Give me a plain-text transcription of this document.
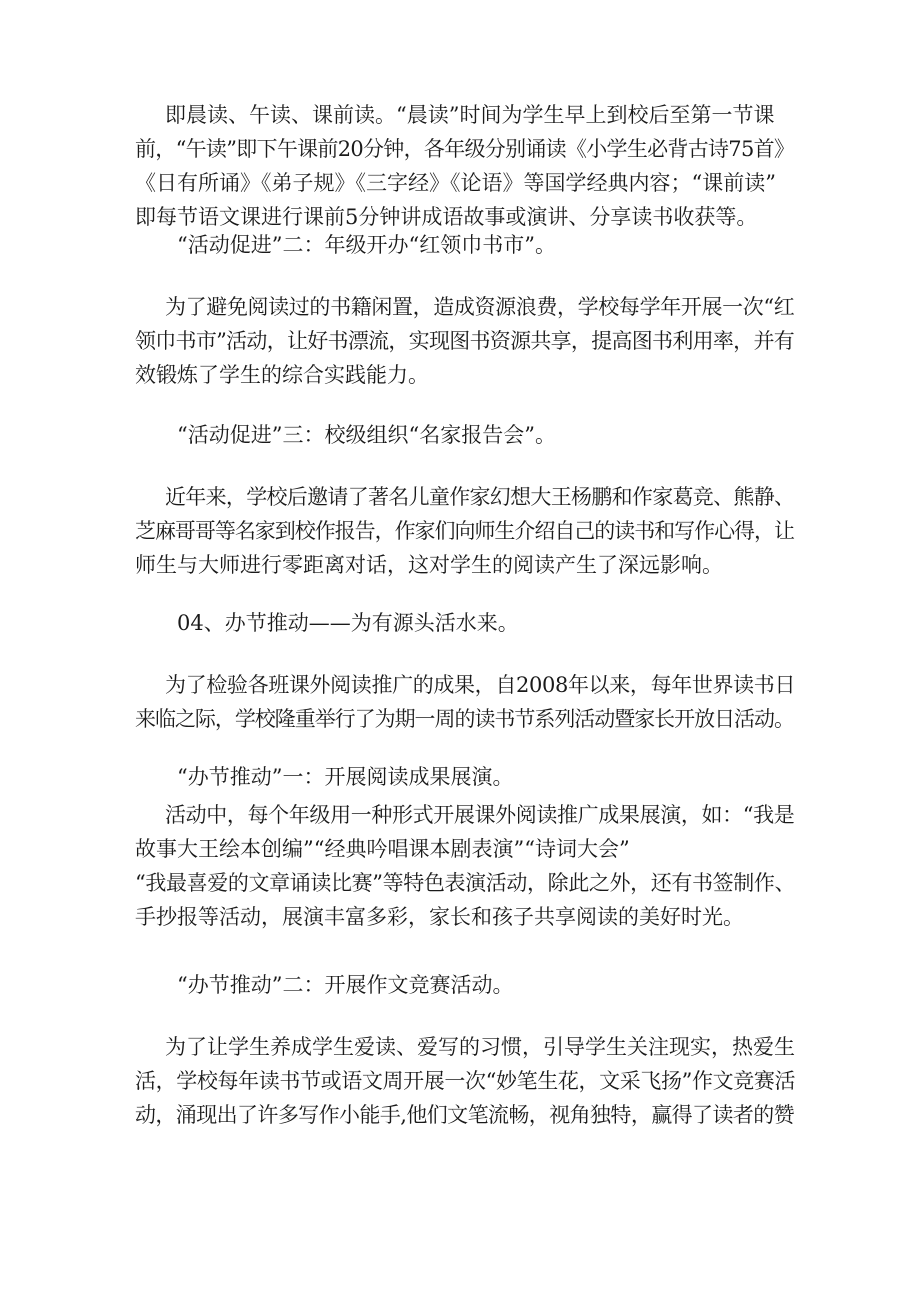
即晨读、午读、课前读。“晨读”时间为学生早上到校后至第一节课
前，“午读”即下午课前20分钟，各年级分别诵读《小学生必背古诗75首》
《日有所诵》《弟子规》《三字经》《论语》等国学经典内容；“课前读”
即每节语文课进行课前5分钟讲成语故事或演讲、分享读书收获等。
“活动促进”二：年级开办“红领巾书市”。
为了避免阅读过的书籍闲置，造成资源浪费，学校每学年开展一次“红
领巾书市”活动，让好书漂流，实现图书资源共享，提高图书利用率，并有
效锻炼了学生的综合实践能力。
“活动促进”三：校级组织“名家报告会”。
近年来，学校后邀请了著名儿童作家幻想大王杨鹏和作家葛竞、熊静、
芝麻哥哥等名家到校作报告，作家们向师生介绍自己的读书和写作心得，让
师生与大师进行零距离对话，这对学生的阅读产生了深远影响。
04、办节推动——为有源头活水来。
为了检验各班课外阅读推广的成果，自2008年以来，每年世界读书日
来临之际，学校隆重举行了为期一周的读书节系列活动暨家长开放日活动。
“办节推动”一：开展阅读成果展演。
活动中，每个年级用一种形式开展课外阅读推广成果展演，如：“我是
故事大王绘本创编”“经典吟唱课本剧表演”“诗词大会”
“我最喜爱的文章诵读比赛”等特色表演活动，除此之外，还有书签制作、
手抄报等活动，展演丰富多彩，家长和孩子共享阅读的美好时光。
“办节推动”二：开展作文竞赛活动。
为了让学生养成学生爱读、爱写的习惯，引导学生关注现实，热爱生
活，学校每年读书节或语文周开展一次“妙笔生花，文采飞扬”作文竞赛活
动，涌现出了许多写作小能手,他们文笔流畅，视角独特，赢得了读者的赞
